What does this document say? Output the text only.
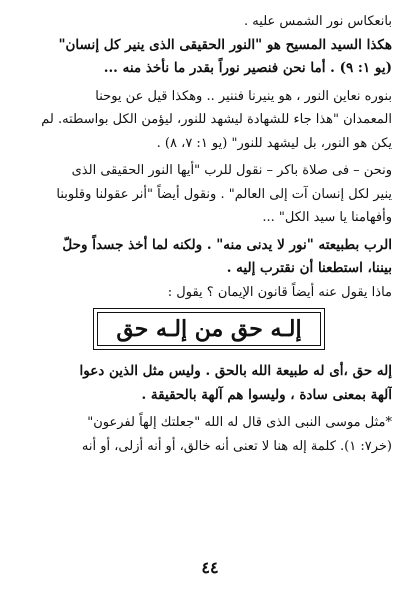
بانعكاس نور الشمس عليه .

هكذا السيد المسيح هو "النور الحقيقى الذى ينير كل إنسان"

(يو ١: ٩) . أما نحن فنصير نوراً بقدر ما نأخذ منه ...

بنوره نعاين النور ، هو ينيرنا فننير .. وهكذا قيل عن يوحنا

المعمدان "هذا جاء للشهادة ليشهد للنور، ليؤمن الكل بواسطته. لم

يكن هو النور، بل ليشهد للنور" (يو ١: ٧، ٨) .

ونحن – فى صلاة باكر – نقول للرب "أيها النور الحقيقى الذى

ينير لكل إنسان آت إلى العالم" . ونقول أيضاً "أنر عقولنا وقلوبنا

وأفهامنا يا سيد الكل" ...

الرب بطبيعته "نور لا يدنى منه" . ولكنه لما أخذ جسداً وحلّ

بيننا، استطعنا أن نقترب إليه .

ماذا يقول عنه أيضاً قانون الإيمان ؟ يقول :

إلـه حق من إلـه حق

إله حق ،أى له طبيعة الله بالحق . وليس مثل الذين دعوا

آلهة بمعنى سادة ، وليسوا هم آلهة بالحقيقة .

*مثل موسى النبى الذى قال له الله "جعلتك إلهاً لفرعون"

(خر٧: ١). كلمة إله هنا لا تعنى أنه خالق، أو أنه أزلى، أو أنه

٤٤
